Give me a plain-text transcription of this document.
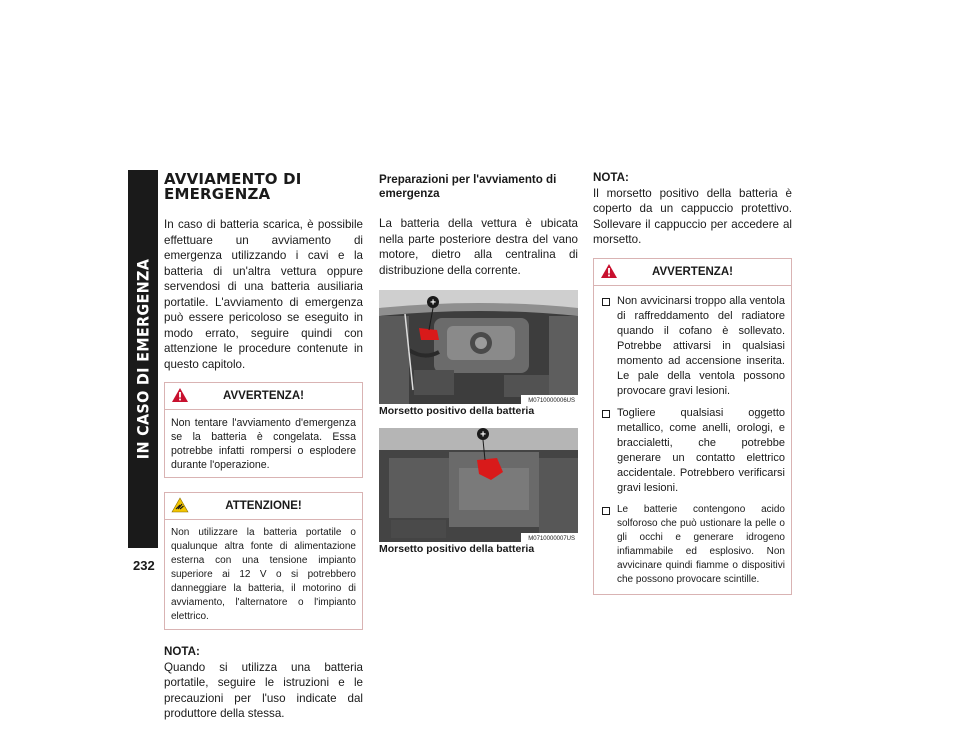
IN CASO DI EMERGENZA
232
AVVIAMENTO DI
EMERGENZA

In caso di batteria scarica, è possibile effettuare un avviamento di emergenza utilizzando i cavi e la batteria di un'altra vettura oppure servendosi di una batteria ausiliaria portatile. L'avviamento di emergenza può essere pericoloso se eseguito in modo errato, seguire quindi con attenzione le procedure contenute in questo capitolo.

AVVERTENZA!
Non tentare l'avviamento d'emergenza se la batteria è congelata. Essa potrebbe infatti rompersi o esplodere durante l'operazione.
ATTENZIONE!
Non utilizzare la batteria portatile o qualunque altra fonte di alimentazione esterna con una tensione impianto superiore ai 12 V o si potrebbero danneggiare la batteria, il motorino di avviamento, l'alternatore o l'impianto elettrico.

NOTA:

Quando si utilizza una batteria portatile, seguire le istruzioni e le precauzioni per l'uso indicate dal produttore della stessa.

Preparazioni per l'avviamento di
emergenza

La batteria della vettura è ubicata nella parte posteriore destra del vano motore, dietro alla centralina di distribuzione della corrente.

+
M0710000006US

Morsetto positivo della batteria

+
M0710000007US

Morsetto positivo della batteria

NOTA:

Il morsetto positivo della batteria è coperto da un cappuccio protettivo. Sollevare il cappuccio per accedere al morsetto.

AVVERTENZA!
Non avvicinarsi troppo alla ventola di raffreddamento del radiatore quando il cofano è sollevato. Potrebbe attivarsi in qualsiasi momento ad accensione inserita. Le pale della ventola possono provocare gravi lesioni.
Togliere qualsiasi oggetto metallico, come anelli, orologi, e braccialetti, che potrebbe generare un contatto elettrico accidentale. Potrebbero verificarsi gravi lesioni.
Le batterie contengono acido solforoso che può ustionare la pelle o gli occhi e generare idrogeno infiammabile ed esplosivo. Non avvicinare quindi fiamme o dispositivi che possono provocare scintille.
